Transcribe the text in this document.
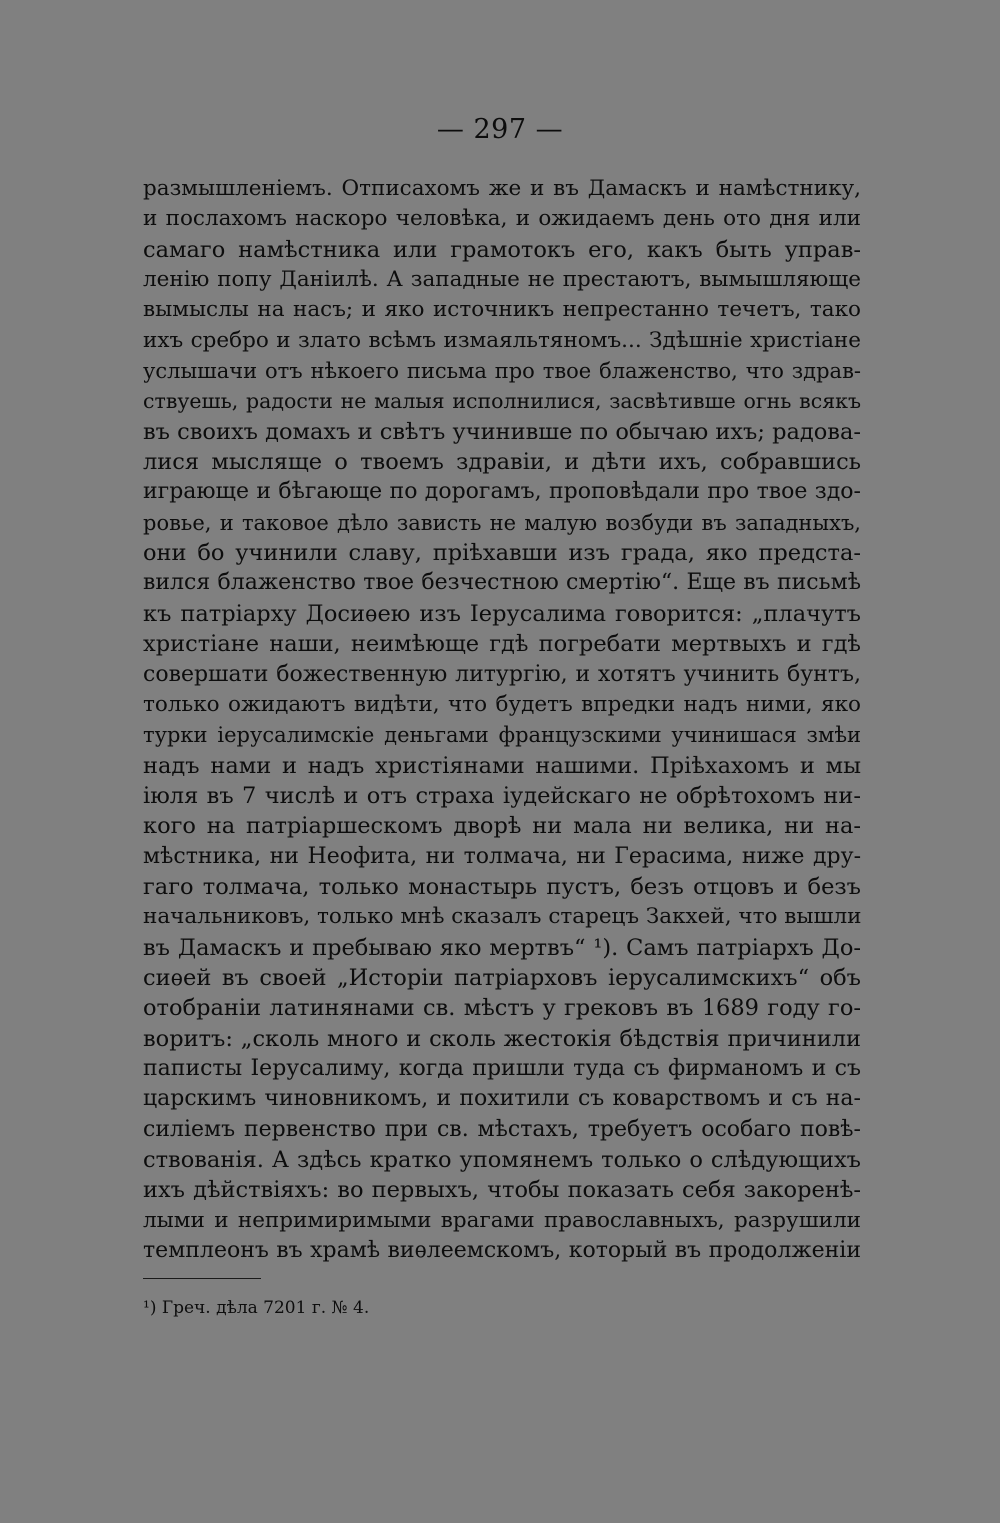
— 297 —
размышленіемъ. Отписахомъ же и въ Дамаскъ и намѣстнику,
и послахомъ наскоро человѣка, и ожидаемъ день ото дня или
самаго намѣстника или грамотокъ его, какъ быть управ-
ленію попу Даніилѣ. А западные не престаютъ, вымышляюще
вымыслы на насъ; и яко источникъ непрестанно течетъ, тако
ихъ сребро и злато всѣмъ измаяльтяномъ... Здѣшніе христіане
услышачи отъ нѣкоего письма про твое блаженство, что здрав-
ствуешь, радости не малыя исполнилися, засвѣтивше огнь всякъ
въ своихъ домахъ и свѣтъ учинивше по обычаю ихъ; радова-
лися мысляще о твоемъ здравіи, и дѣти ихъ, собравшись
играюще и бѣгающе по дорогамъ, проповѣдали про твое здо-
ровье, и таковое дѣло зависть не малую возбуди въ западныхъ,
они бо учинили славу, пріѣхавши изъ града, яко предста-
вился блаженство твое безчестною смертію“. Еще въ письмѣ
къ патріарху Досиѳею изъ Іерусалима говорится: „плачутъ
христіане наши, неимѣюще гдѣ погребати мертвыхъ и гдѣ
совершати божественную литургію, и хотятъ учинить бунтъ,
только ожидаютъ видѣти, что будетъ впредки надъ ними, яко
турки іерусалимскіе деньгами французскими учинишася змѣи
надъ нами и надъ христіянами нашими. Пріѣхахомъ и мы
іюля въ 7 числѣ и отъ страха іудейскаго не обрѣтохомъ ни-
кого на патріаршескомъ дворѣ ни мала ни велика, ни на-
мѣстника, ни Неофита, ни толмача, ни Герасима, ниже дру-
гаго толмача, только монастырь пустъ, безъ отцовъ и безъ
начальниковъ, только мнѣ сказалъ старецъ Закхей, что вышли
въ Дамаскъ и пребываю яко мертвъ“ ¹). Самъ патріархъ До-
сиѳей въ своей „Исторіи патріарховъ іерусалимскихъ“ объ
отобраніи латинянами св. мѣстъ у грековъ въ 1689 году го-
воритъ: „сколь много и сколь жестокія бѣдствія причинили
паписты Іерусалиму, когда пришли туда съ фирманомъ и съ
царскимъ чиновникомъ, и похитили съ коварствомъ и съ на-
силіемъ первенство при св. мѣстахъ, требуетъ особаго повѣ-
ствованія. А здѣсь кратко упомянемъ только о слѣдующихъ
ихъ дѣйствіяхъ: во первыхъ, чтобы показать себя закоренѣ-
лыми и непримиримыми врагами православныхъ, разрушили
темплеонъ въ храмѣ виѳлеемскомъ, который въ продолженіи
¹) Греч. дѣла 7201 г. № 4.
